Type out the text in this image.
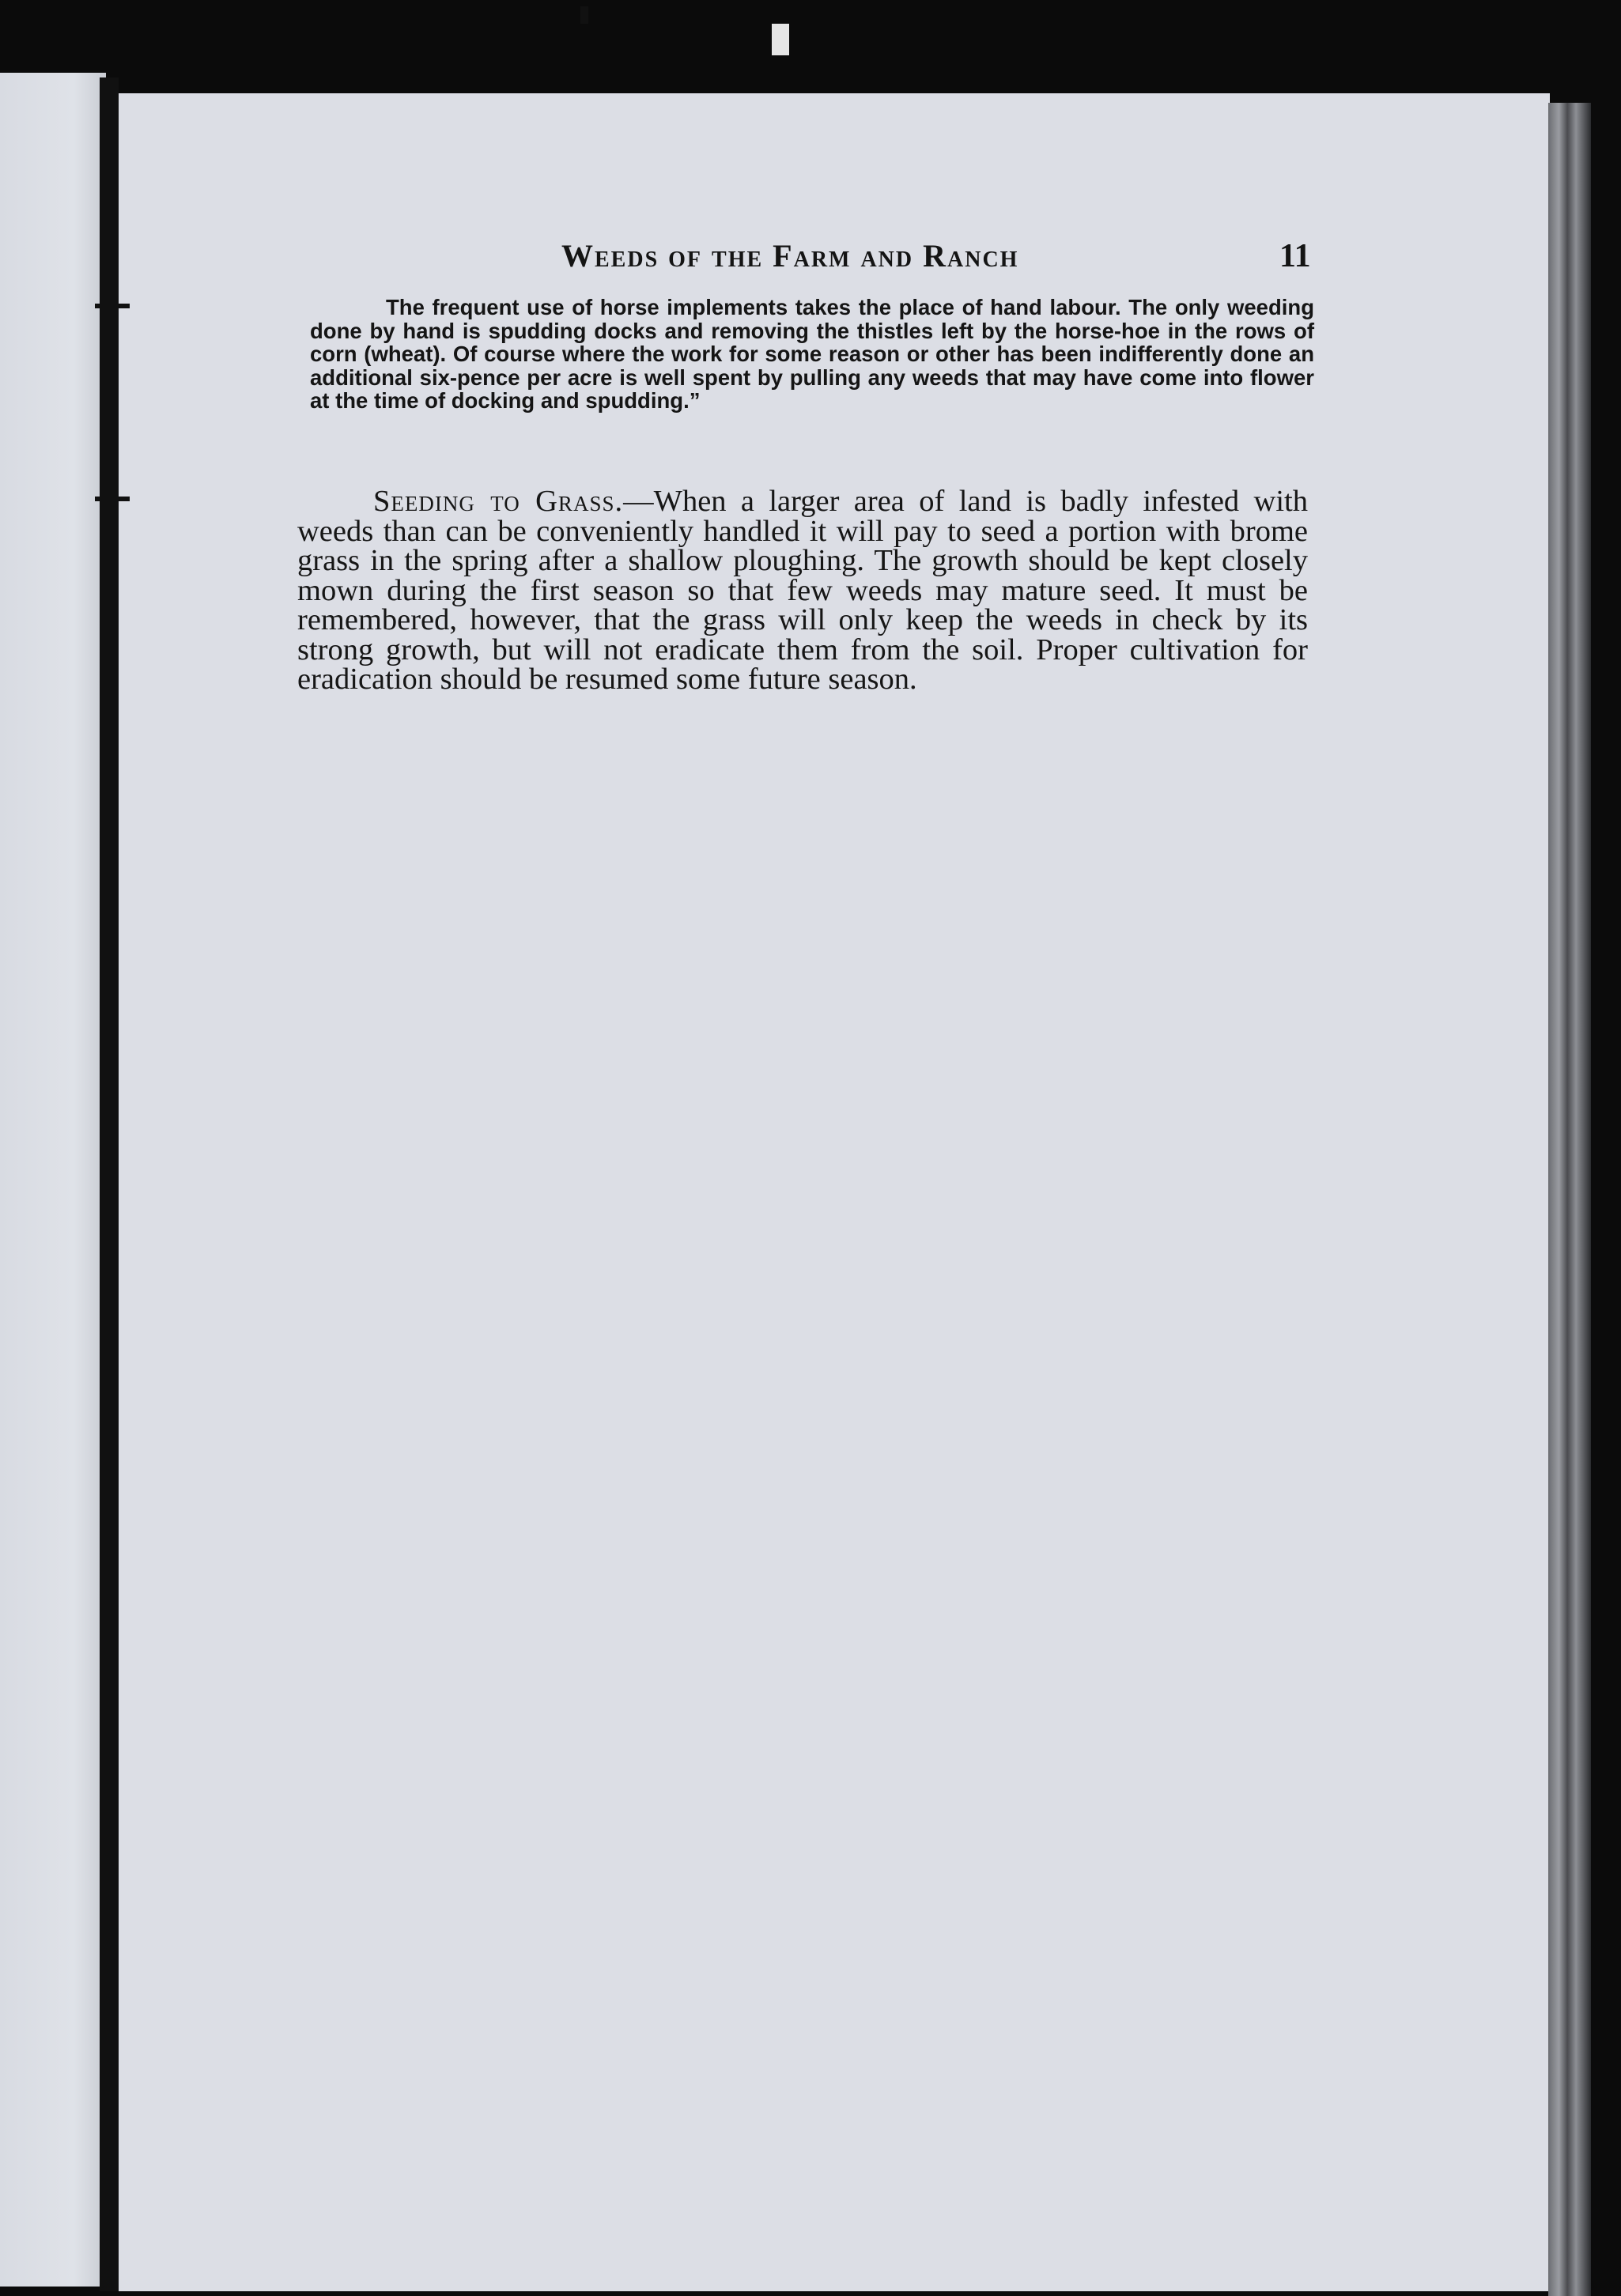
Weeds of the Farm and Ranch	11
The frequent use of horse implements takes the place of hand labour. The only weeding done by hand is spudding docks and removing the thistles left by the horse-hoe in the rows of corn (wheat). Of course where the work for some reason or other has been indifferently done an additional six-pence per acre is well spent by pulling any weeds that may have come into flower at the time of docking and spudding.”
Seeding to Grass.—When a larger area of land is badly infested with weeds than can be conveniently handled it will pay to seed a portion with brome grass in the spring after a shallow ploughing. The growth should be kept closely mown during the first season so that few weeds may mature seed. It must be remembered, however, that the grass will only keep the weeds in check by its strong growth, but will not eradicate them from the soil. Proper cultivation for eradication should be resumed some future season.
